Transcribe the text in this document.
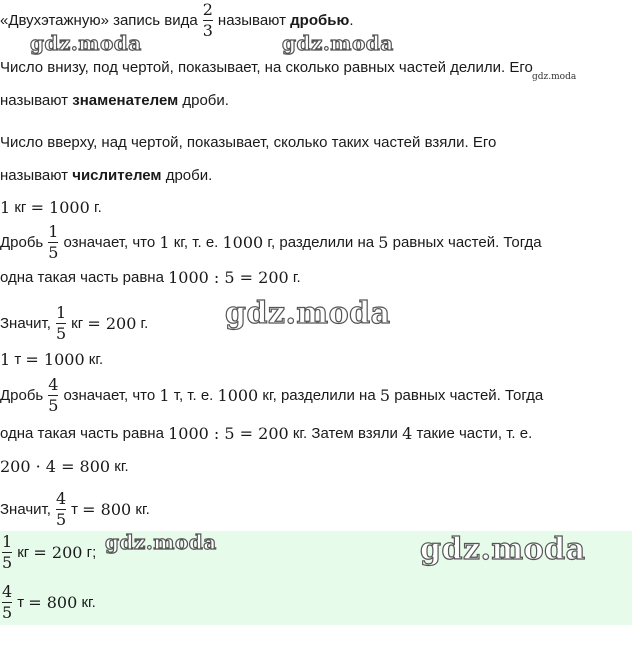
«Двухэтажную» запись вида $\frac{2}{3}$ называют
дробью .
Число внизу, под чертой, показывает, на сколько равных частей делили. Его
называют
знаменателем
дроби.
Число вверху, над чертой, показывает, сколько таких частей взяли. Его
называют
числителем
дроби.
1 кг = 1000 г.
Дробь $\frac{1}{5}$ означает, что
1
кг, т. е.
1000
г, разделили на
5
равных частей. Тогда
одна такая часть равна
1000 : 5 = 200
г.
Значит, $\frac{1}{5}$ кг
= 200
г.
1 т = 1000 кг.
Дробь $\frac{4}{5}$ означает, что
1
т, т. е.
1000
кг, разделили на
5
равных частей. Тогда
одна такая часть равна
1000 : 5 = 200
кг. Затем взяли
4
такие части, т. е.
200 · 4 = 800
кг.
Значит, $\frac{4}{5}$ т
= 800
кг.
$\frac{1}{5}$ кг
= 200
г;
$\frac{4}{5}$ т
= 800
кг.
gdz.moda	gdz.moda
gdz.moda
gdz.moda
gdz.moda	gdz.moda
